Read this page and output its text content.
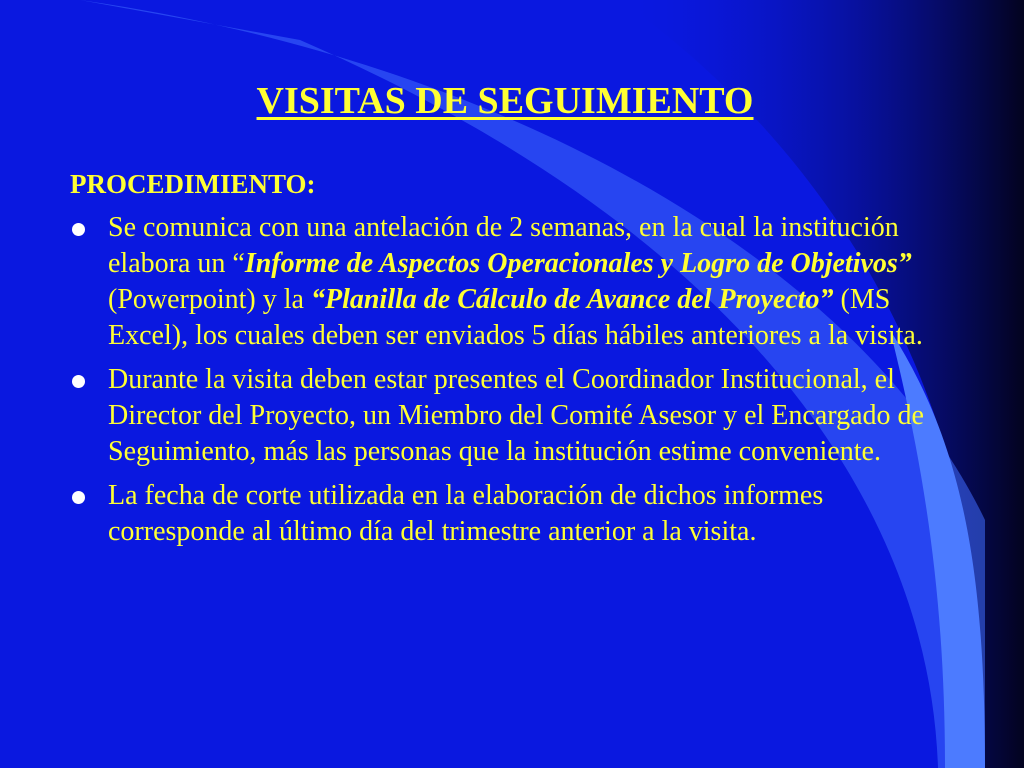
VISITAS DE SEGUIMIENTO

PROCEDIMIENTO:

Se comunica con una antelación de 2 semanas, en la cual la institución elabora un “Informe de Aspectos Operacionales y Logro de Objetivos” (Powerpoint) y la “Planilla de Cálculo de Avance del Proyecto” (MS Excel), los cuales deben ser enviados 5 días hábiles anteriores a la visita.

Durante la visita deben estar presentes el Coordinador Institucional, el Director del Proyecto, un Miembro del Comité Asesor y el Encargado de Seguimiento, más las personas que la institución estime conveniente.

La fecha de corte utilizada en la elaboración de dichos informes corresponde al último día del trimestre anterior a la visita.
